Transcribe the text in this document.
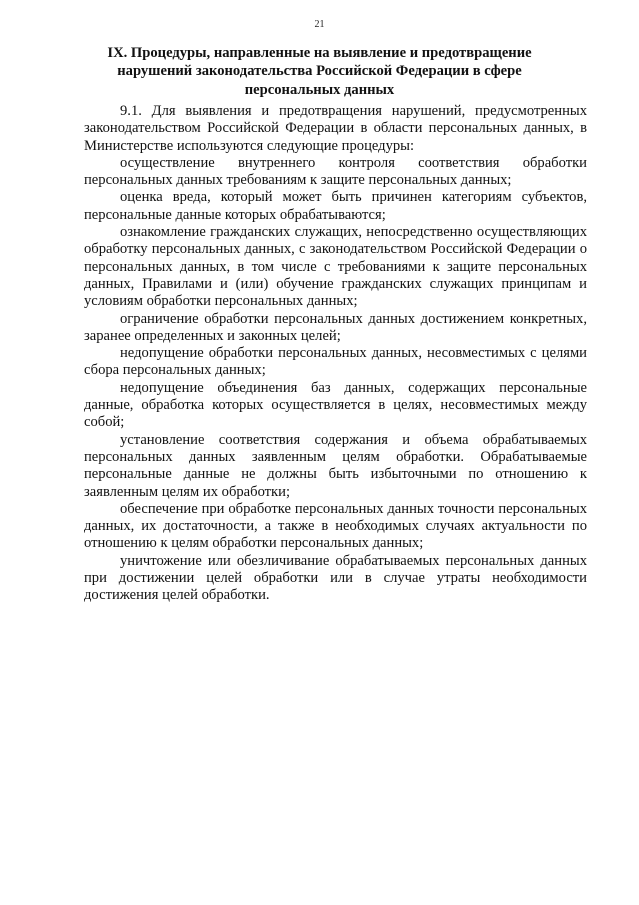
21
IX. Процедуры, направленные на выявление и предотвращение
нарушений законодательства Российской Федерации в сфере
персональных данных

9.1. Для выявления и предотвращения нарушений, предусмотренных законодательством Российской Федерации в области персональных данных, в Министерстве используются следующие процедуры:

осуществление внутреннего контроля соответствия обработки персональных данных требованиям к защите персональных данных;

оценка вреда, который может быть причинен категориям субъектов, персональные данные которых обрабатываются;

ознакомление гражданских служащих, непосредственно осуществляющих обработку персональных данных, с законодательством Российской Федерации о персональных данных, в том числе с требованиями к защите персональных данных, Правилами и (или) обучение гражданских служащих принципам и условиям обработки персональных данных;

ограничение обработки персональных данных достижением конкретных, заранее определенных и законных целей;

недопущение обработки персональных данных, несовместимых с целями сбора персональных данных;

недопущение объединения баз данных, содержащих персональные данные, обработка которых осуществляется в целях, несовместимых между собой;

установление соответствия содержания и объема обрабатываемых персональных данных заявленным целям обработки. Обрабатываемые персональные данные не должны быть избыточными по отношению к заявленным целям их обработки;

обеспечение при обработке персональных данных точности персональных данных, их достаточности, а также в необходимых случаях актуальности по отношению к целям обработки персональных данных;

уничтожение или обезличивание обрабатываемых персональных данных при достижении целей обработки или в случае утраты необходимости достижения целей обработки.
